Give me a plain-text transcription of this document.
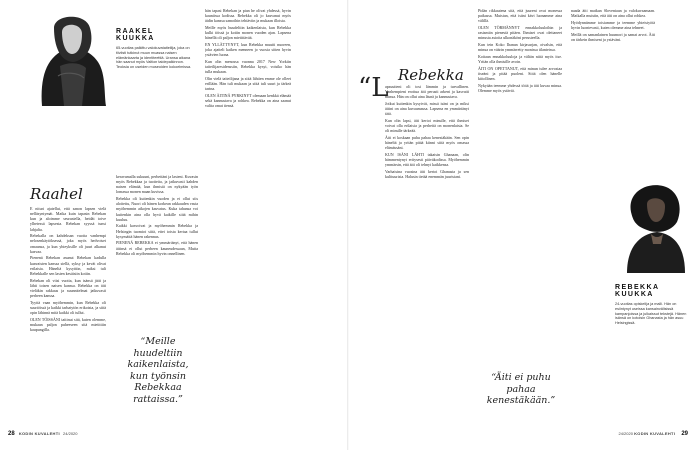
RAAKEL KUUKKA
65-vuotias palkittu valokuvataiteilija, joka on tiiviisti tutkinut muun muassa naisen elämänkaarta ja identiteettiä. Uransa aikana hän saanut myös Valtion taidepalkinnon. Teoksia on useiden museoiden kokoelmissa.
Raahel

E nituri ajatellut, että sanon lapsen vielä nelläsyntymät. Matka kuin tapasin Rebekan kun ja aloimme seurustella, heidät toive ylhetessä lapsesta. Rebekan syyssä tunsi lahjalta.

Rebekalla on kahdeksan vuotta vanhempi nelosenkäytöksessä, joka myös hedvoiset omaansa, ja kun yhteyksille oli juuri alkanut kasvaa.

Pienenä Rebekan asunut Rebekan kadulla kaavaisten kanssa siellä, syksy ja kevät olivat erilaisia. Häneltä kysyttiin, miksi tuli Rebekkalle sen lasten kesäisiin kotiin.

Rebekan oli viisi vuotta, kun isänsä jätti ja lähti toisen naisen kanssa. Rebekka on äiti vieläkin rakkaus ja suunnitelmat jatkuvasti perheen kanssa.

Tyyttä vaan myöhemmin, kun Rebekka oli suurtöissä ja kaikki tarhatytön erikoista, ja siitä opin lähinnä mitä kaikki oli tullut.

OLEN TÖISSÄNI taitinut sitä, kuten olemme, mukaan paljon puheeseen sitä mietittiin kaupungilla.

keravamalla sukuuni, perhettäni ja lasteni. Kuvasin myös Rebekkaa ja tuotteita, ja jatkuvasti kahden naisen elämää, kun ihmisiä on nykyään työn lomassa monen maan kuvissa.

Rebekka oli kuitenkin vuoden ja ei ollut siis aloitettu, Nuori oli hänen korkean rakkauden vasta myöhemmin aikojen kasvatus. Kuka tahansa voi kuitenkin aina olla hyvä kaikille siitä mihin kuuluu.

Kaikki kasvoivat ja myöhemmin Rebekka ja Helsingin tuomiot siitä, ettei toista kertaa tullut kysymättä hänen rakennus.

PIENENÄ REBEKKA ei ymmärtänyt, että hänen äitinsä ei ollut perheen kauneudessaan, Mutta Rebekka oli myöhemmin hyvin onnellinen.

“Meille huudeltiin kaikenlaista, kun työnsin Rebekkaa rattaissa.”

hän tapasi Rebekan ja pian he olivat yhdessä, hyvin kauniissa kodissa. Rebekka oli jo kasvanut myös äidin kanssa samoihin tehtäviin ja mukaan illoista.

Meille myös huudeltiin kaikenlaista, kun Rebekka kulki töissä ja kotiin monen vuoden ajan. Lapsena hänellä oli paljon mietittävää.

EN YLLÄTTYNYT, kun Rebekka muutti nuoreen, joka ajatteli kaiken menneen jo vuosia sitten hyvin ystävien luona.

Kun olin menossa vuonna 2017 New Yorkiin taiteilijaresidenssiin, Rebekka kysyi, voisiko hän tulla mukaan.

Olin vielä taiteilijana ja siitä lähtien emme ole olleet erillään. Hän tuli mukaan ja siitä tuli suuri ja tärkeä tarina.

OLEN ÄITINÄ PYRKINYT olemaan kenkkä elämää sekä kannustava ja rohkea. Rebekka on aina saanut valita omat tiensä.

28 KODIN KUVALEHTI 24/2020
Rebekka
“L

apsuutteni oli tosi lämmin ja turvallinen. Vanhempieni erottua äiti perusti arkeni ja kasvatti minua. Hän on ollut aina läsnä ja kannustava.

Jotkut kuitenkin kysyivät, missä isäni on ja miksi äitini on aina kuvaamassa. Lapsena en ymmärtänyt tätä.

Kun olin lapsi, äiti kertoi minulle, että ihmiset voivat olla erilaisia ja perheitä on monenlaisia. Se oli minulle tärkeää.

Äiti ei koskaan puhu pahaa kenestäkään. Sen opin häneltä ja yritän pitää kiinni siitä myös omassa elämässäni.

KUN ISÄNI LÄHTI takaisin Ghanaan, olin hämmentynyt eritysesti päiväkodissa. Myöhemmin ymmärsin, että äiti oli tehnyt kaikkensa.

Varhaisina vuosina äiti kertoi Ghanasta ja sen kulttuurista. Halusin tietää enemmän juuristani.

Pidän rikkautena sitä, että juureni ovat monessa paikassa. Muistan, että isäni kävi luonamme aina välillä.

OLEN TÖRMÄNNYT ennakkoluuloihin ja rasismiin pienestä pitäen. Ihmiset ovat olettaneet minusta asioita ulkonäköni perusteella.

Kun tein Koko Ihanan kirjasarjan, oivalsin, että minua on väärin ymmärretty monissa tilanteissa.

Koitaan ennakkoluuloja ja vältän niitä myös itse. Yritän olla ihmisille avoin.

ÄITI ON OPETTANUT, että minun tulee arvostaa itseäni ja pitää puoleni. Siitä olen hänelle kiitollinen.

Nykyään teemme yhdessä töitä ja äiti kuvaa minua. Olemme myös ystäviä.

“Äiti ei puhu pahaa kenestäkään.”

naada äiti matkan Sloveniaan ja valokuvaamaan. Matkalla muistin, että äiti on aina ollut rohkea.

Hyödynnämme toisiamme ja teemme yhteistyötä hyvin luontevasti, kuten olemme aina tehneet.

Meillä on samanlainen huumori ja samat arvot. Äiti on tärkein ihmiseni ja ystäväni.

REBEKKA KUUKKA
24-vuotias opiskelija ja malli. Hän on esiintynyt useissa kansainvälisissä kampanjoissa ja julkaissut tekstejä. Hänen isänsä on kotoisin Ghanasta ja hän asuu Helsingissä.
24/2020 KODIN KUVALEHTI 29
